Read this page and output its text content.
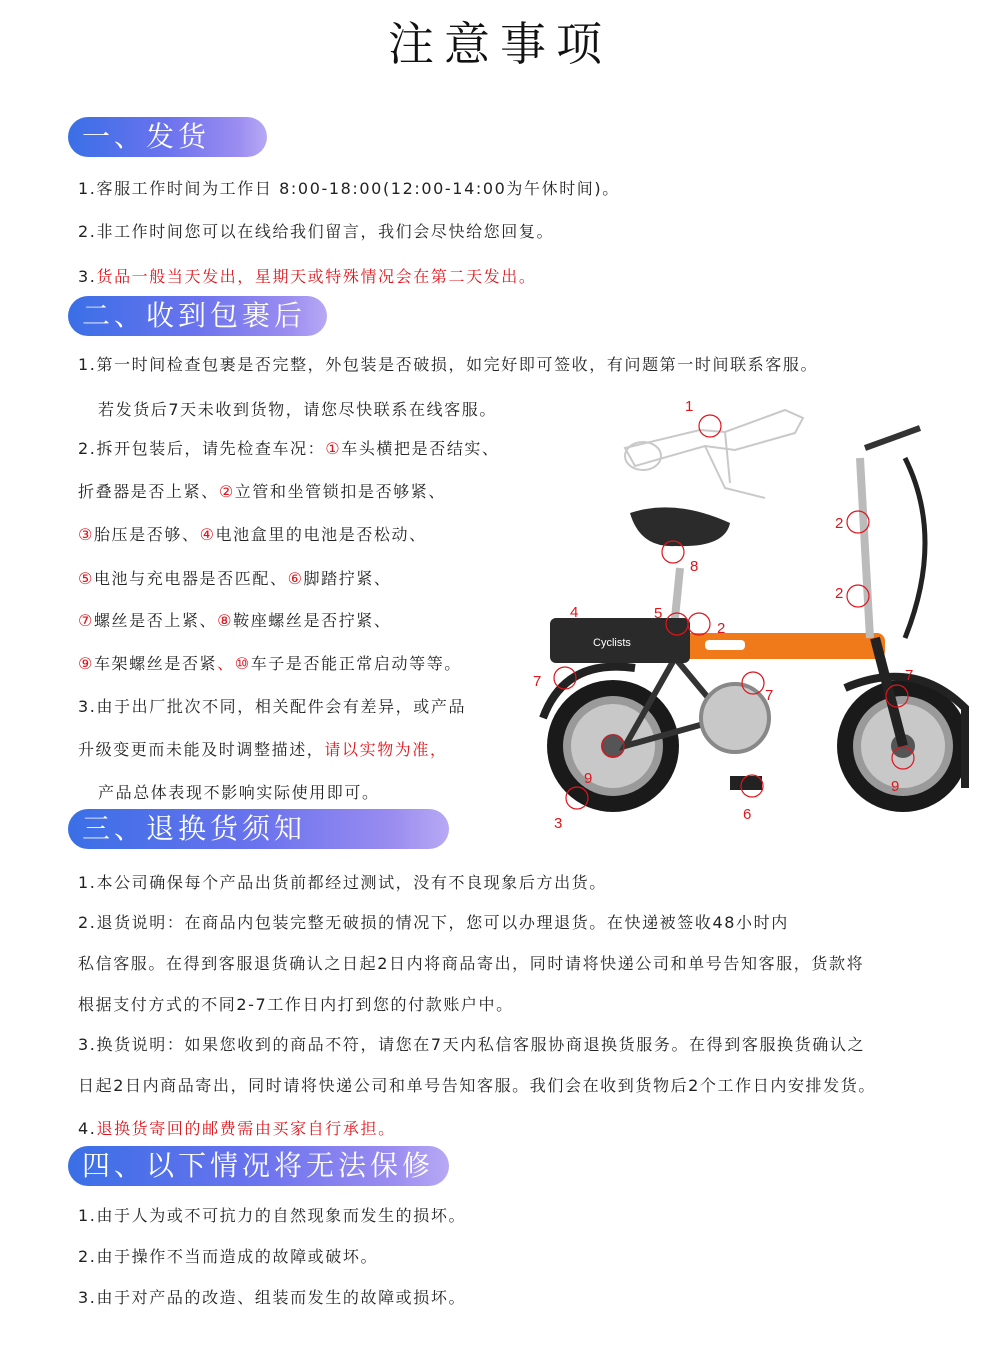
注意事项
一、发货
1.客服工作时间为工作日 8:00-18:00(12:00-14:00为午休时间)。
2.非工作时间您可以在线给我们留言，我们会尽快给您回复。
3.货品一般当天发出，星期天或特殊情况会在第二天发出。
二、收到包裹后
1.第一时间检查包裹是否完整，外包装是否破损，如完好即可签收，有问题第一时间联系客服。
若发货后7天未收到货物，请您尽快联系在线客服。
2.拆开包装后，请先检查车况：①车头横把是否结实、
折叠器是否上紧、②立管和坐管锁扣是否够紧、
③胎压是否够、④电池盒里的电池是否松动、
⑤电池与充电器是否匹配、⑥脚踏拧紧、
⑦螺丝是否上紧、⑧鞍座螺丝是否拧紧、
⑨车架螺丝是否紧、⑩车子是否能正常启动等等。
3.由于出厂批次不同，相关配件会有差异，或产品
升级变更而未能及时调整描述，请以实物为准，
产品总体表现不影响实际使用即可。
Cyclists
1
2
2
2
4	5
7
7
8
9	9
3
6
7
三、退换货须知
1.本公司确保每个产品出货前都经过测试，没有不良现象后方出货。
2.退货说明：在商品内包装完整无破损的情况下，您可以办理退货。在快递被签收48小时内
私信客服。在得到客服退货确认之日起2日内将商品寄出，同时请将快递公司和单号告知客服，货款将
根据支付方式的不同2-7工作日内打到您的付款账户中。
3.换货说明：如果您收到的商品不符，请您在7天内私信客服协商退换货服务。在得到客服换货确认之
日起2日内商品寄出，同时请将快递公司和单号告知客服。我们会在收到货物后2个工作日内安排发货。
4.退换货寄回的邮费需由买家自行承担。
四、以下情况将无法保修
1.由于人为或不可抗力的自然现象而发生的损坏。
2.由于操作不当而造成的故障或破坏。
3.由于对产品的改造、组装而发生的故障或损坏。
